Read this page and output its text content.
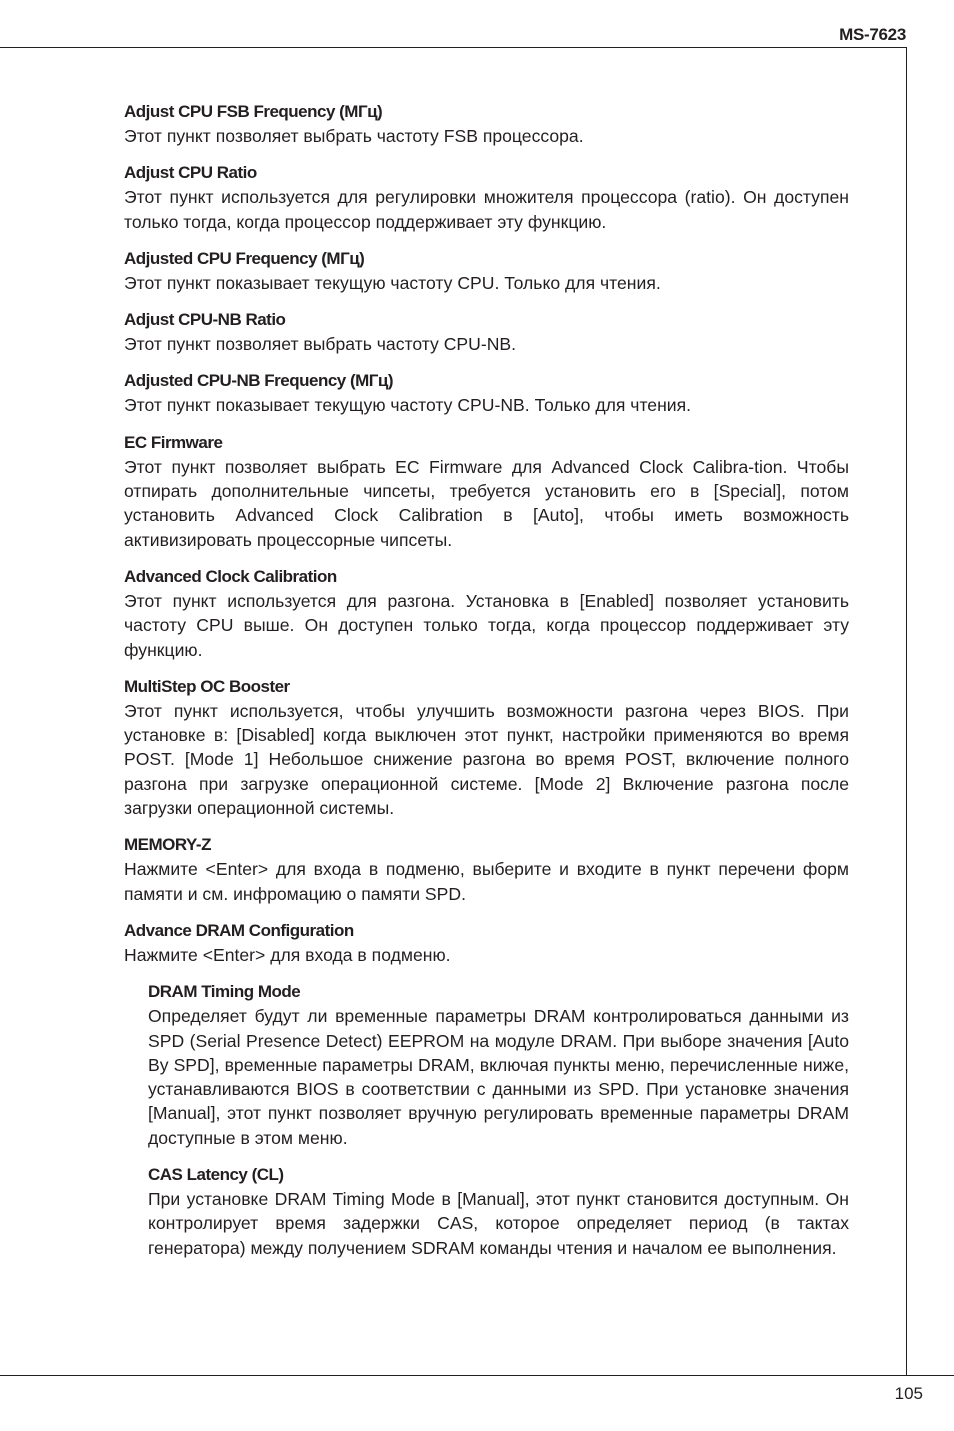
MS-7623
Adjust CPU FSB Frequency (МГц)
Этот пункт позволяет выбрать частоту FSB процессора.
Adjust CPU Ratio
Этот пункт используется для регулировки множителя процессора (ratio). Он доступен только тогда, когда процессор поддерживает эту функцию.
Adjusted CPU Frequency (МГц)
Этот пункт показывает текущую частоту CPU. Только для чтения.
Adjust CPU-NB Ratio
Этот пункт позволяет выбрать частоту CPU-NB.
Adjusted CPU-NB Frequency (МГц)
Этот пункт показывает текущую частоту CPU-NB. Только для чтения.
EC Firmware
Этот пункт позволяет выбрать EC Firmware для Advanced Clock Calibra-tion. Чтобы отпирать дополнительные чипсеты, требуется установить его в [Special], потом установить Advanced Clock Calibration в [Auto], чтобы иметь возможность активизировать процессорные чипсеты.
Advanced Clock Calibration
Этот пункт используется для разгона. Установка в [Enabled] позволяет установить частоту CPU выше. Он доступен только тогда, когда процессор поддерживает эту функцию.
MultiStep OC Booster
Этот пункт используется, чтобы улучшить возможности разгона через BIOS. При установке в: [Disabled] когда выключен этот пункт, настройки применяются во время POST. [Mode 1] Небольшое снижение разгона во время POST, включение полного разгона при загрузке операционной системе. [Mode 2] Включение разгона после загрузки операционной системы.
MEMORY-Z
Нажмите <Enter> для входа в подменю, выберите и входите в пункт перечени форм памяти и см. инфромацию о памяти SPD.
Advance DRAM Configuration
Нажмите <Enter> для входа в подменю.
DRAM Timing Mode
Определяет будут ли временные параметры DRAM контролироваться данными из SPD (Serial Presence Detect) EEPROM на модуле DRAM. При выборе значения [Auto By SPD], временные параметры DRAM, включая пункты меню, перечисленные ниже, устанавливаются BIOS в соответствии с данными из SPD. При установке значения [Manual], этот пункт позволяет вручную регулировать временные параметры DRAM доступные в этом меню.
CAS Latency (CL)
При установке DRAM Timing Mode в [Manual], этот пункт становится доступным. Он контролирует время задержки CAS, которое определяет период (в тактах генератора) между получением SDRAM команды чтения и началом ее выполнения.
105
